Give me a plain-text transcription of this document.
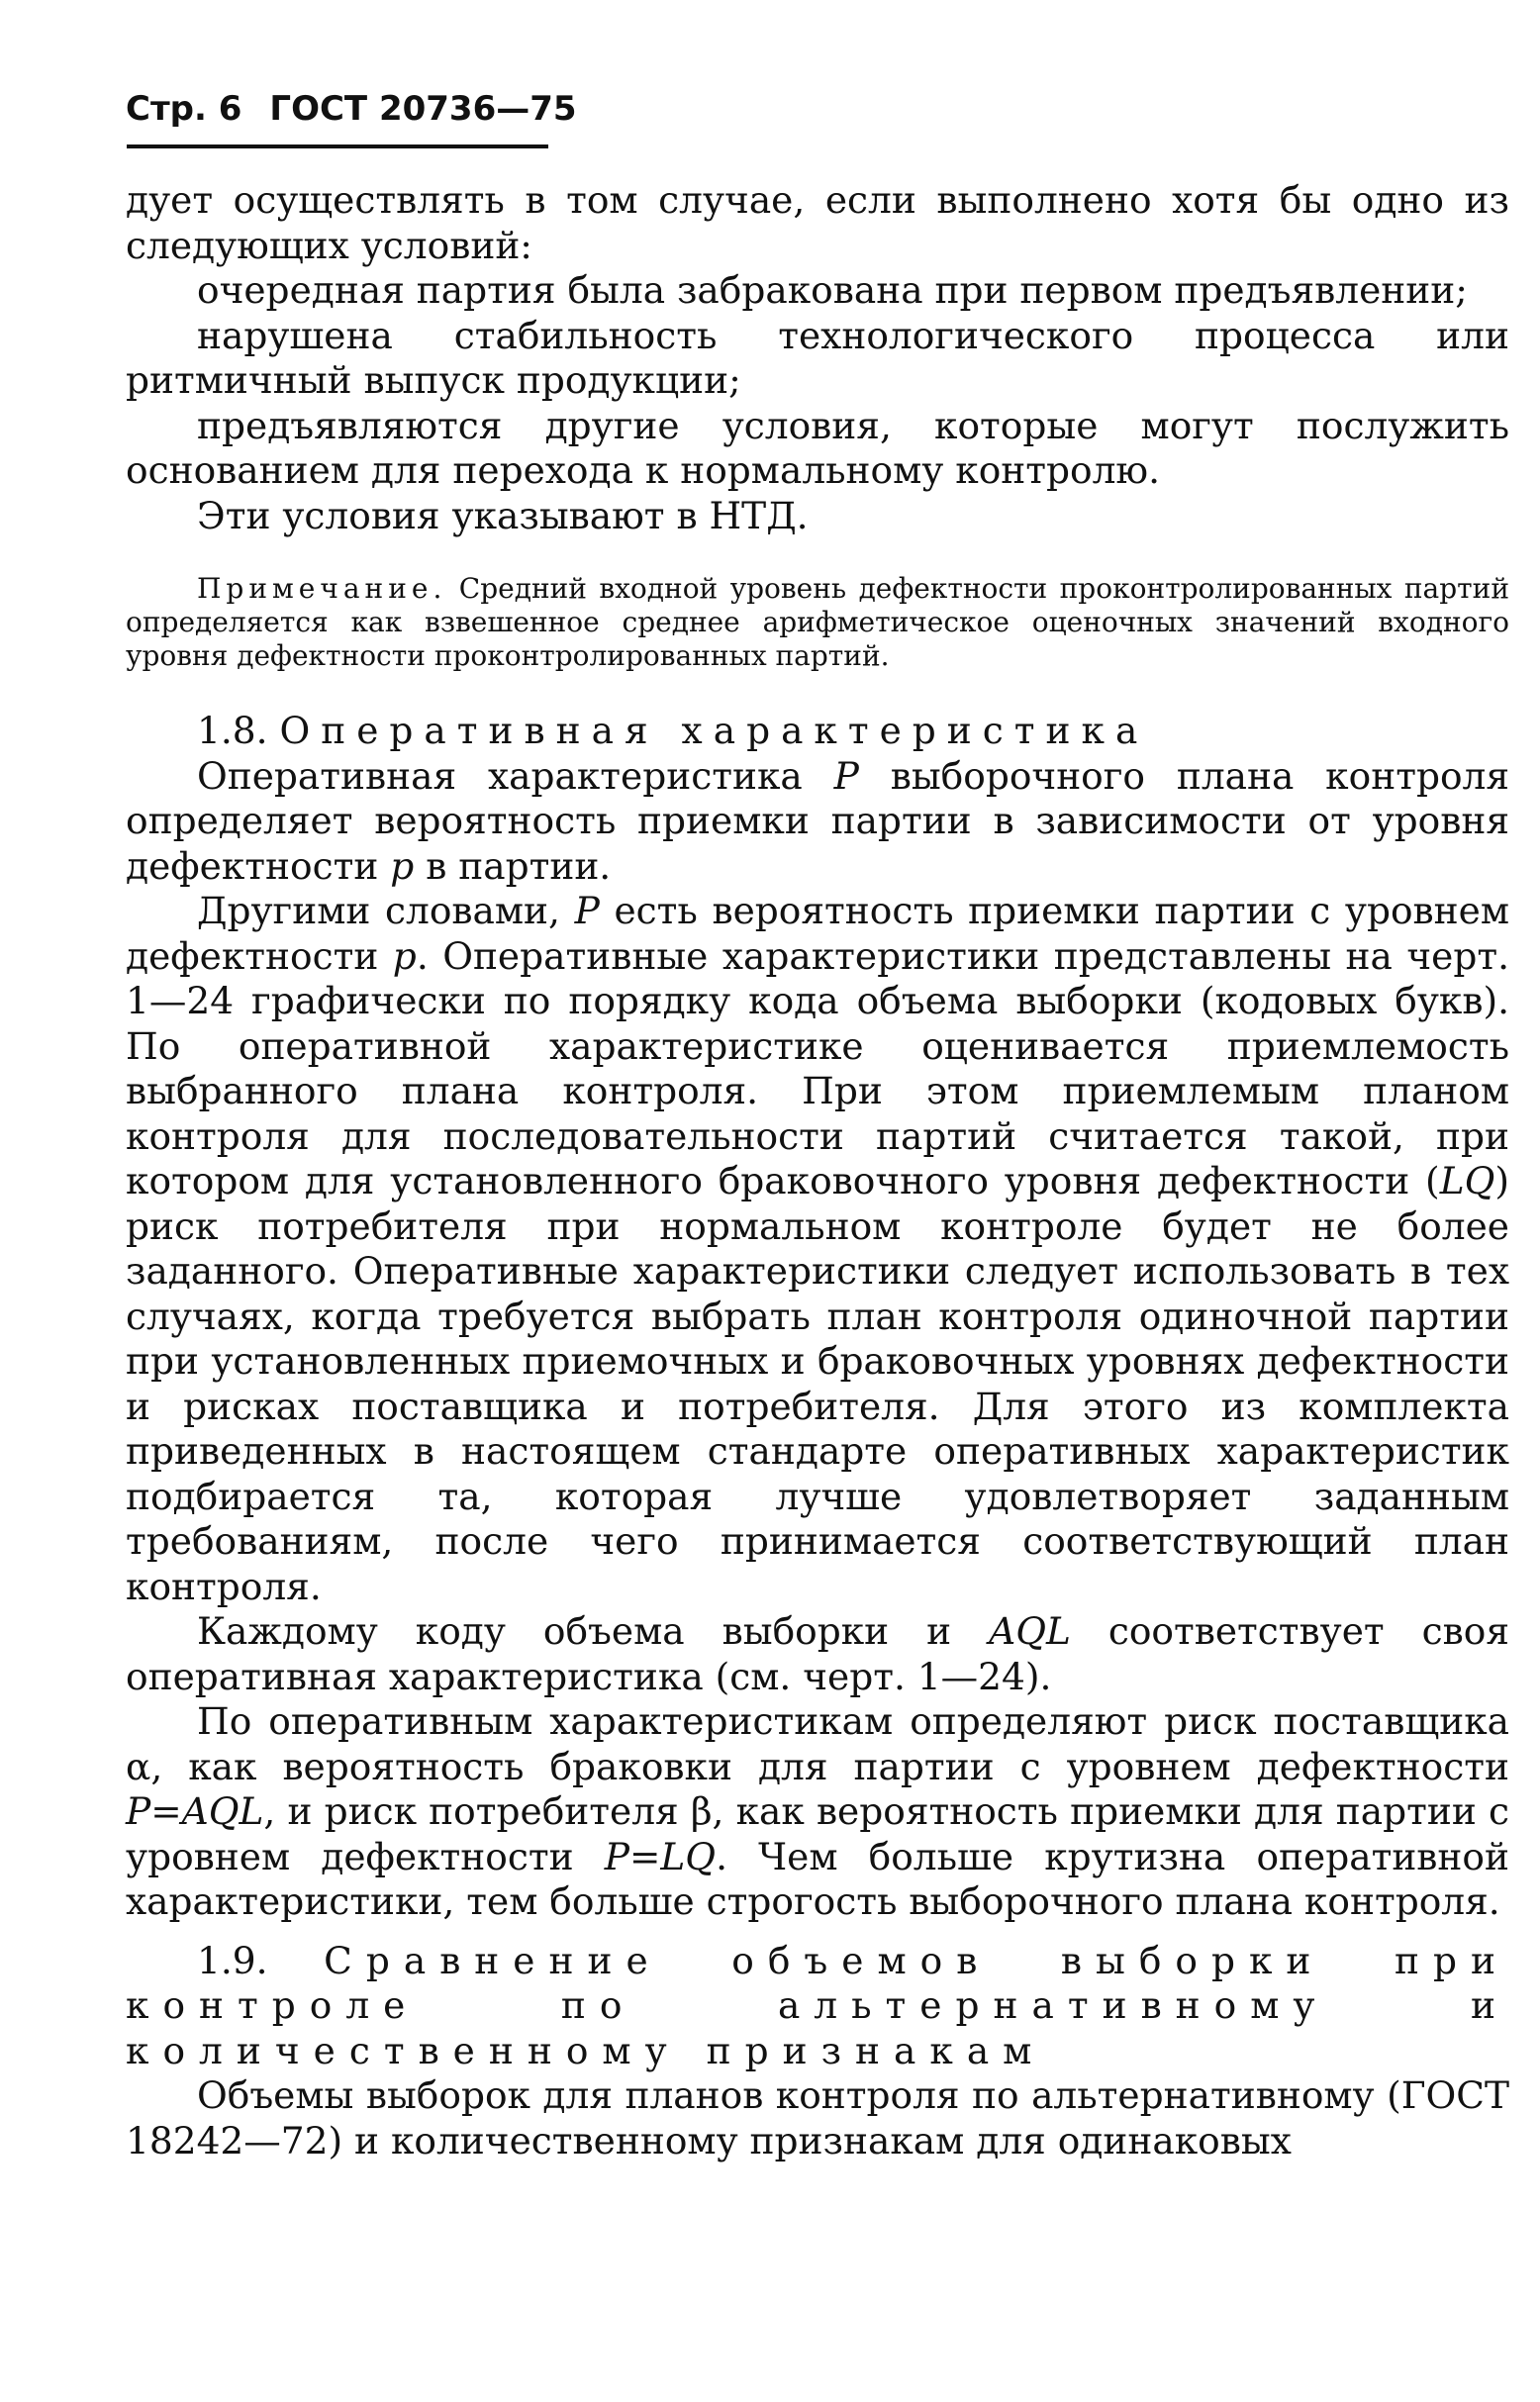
Стр. 6 ГОСТ 20736—75

дует осуществлять в том случае, если выполнено хотя бы одно из следующих условий:

очередная партия была забракована при первом предъявлении;

нарушена стабильность технологического процесса или ритмичный выпуск продукции;

предъявляются другие условия, которые могут послужить основанием для перехода к нормальному контролю.

Эти условия указывают в НТД.

Примечание. Средний входной уровень дефектности проконтролированных партий определяется как взвешенное среднее арифметическое оценочных значений входного уровня дефектности проконтролированных партий.

1.8. Оперативная характеристика

Оперативная характеристика P выборочного плана контроля определяет вероятность приемки партии в зависимости от уровня дефектности p в партии.

Другими словами, P есть вероятность приемки партии с уровнем дефектности p. Оперативные характеристики представлены на черт. 1—24 графически по порядку кода объема выборки (кодовых букв). По оперативной характеристике оценивается приемлемость выбранного плана контроля. При этом приемлемым планом контроля для последовательности партий считается такой, при котором для установленного браковочного уровня дефектности (LQ) риск потребителя при нормальном контроле будет не более заданного. Оперативные характеристики следует использовать в тех случаях, когда требуется выбрать план контроля одиночной партии при установленных приемочных и браковочных уровнях дефектности и рисках поставщика и потребителя. Для этого из комплекта приведенных в настоящем стандарте оперативных характеристик подбирается та, которая лучше удовлетворяет заданным требованиям, после чего принимается соответствующий план контроля.

Каждому коду объема выборки и AQL соответствует своя оперативная характеристика (см. черт. 1—24).

По оперативным характеристикам определяют риск поставщика α, как вероятность браковки для партии с уровнем дефектности P=AQL, и риск потребителя β, как вероятность приемки для партии с уровнем дефектности P=LQ. Чем больше крутизна оперативной характеристики, тем больше строгость выборочного плана контроля.

1.9. Сравнение объемов выборки при контроле по альтернативному и количественному признакам

Объемы выборок для планов контроля по альтернативному (ГОСТ 18242—72) и количественному признакам для одинаковых
